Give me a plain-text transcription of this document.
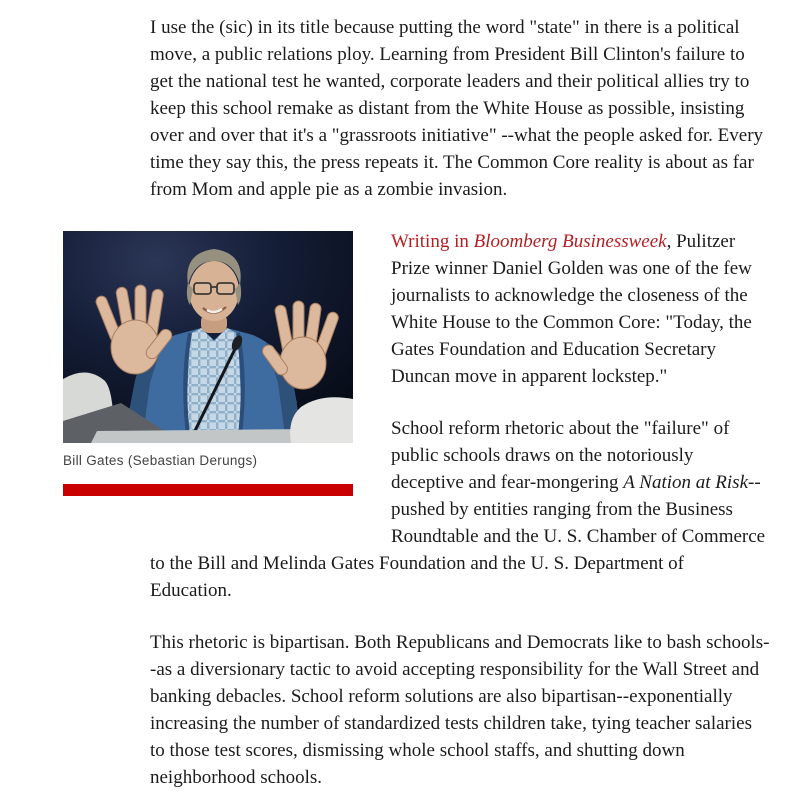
I use the (sic) in its title because putting the word "state" in there is a political move, a public relations ploy. Learning from President Bill Clinton's failure to get the national test he wanted, corporate leaders and their political allies try to keep this school remake as distant from the White House as possible, insisting over and over that it's a "grassroots initiative" --what the people asked for. Every time they say this, the press repeats it. The Common Core reality is about as far from Mom and apple pie as a zombie invasion.

Bill Gates (Sebastian Derungs)

Writing in Bloomberg Businessweek, Pulitzer Prize winner Daniel Golden was one of the few journalists to acknowledge the closeness of the White House to the Common Core: "Today, the Gates Foundation and Education Secretary Duncan move in apparent lockstep."

School reform rhetoric about the "failure" of public schools draws on the notoriously deceptive and fear-mongering A Nation at Risk--pushed by entities ranging from the Business Roundtable and the U. S. Chamber of Commerce to the Bill and Melinda Gates Foundation and the U. S. Department of Education.

This rhetoric is bipartisan. Both Republicans and Democrats like to bash schools--as a diversionary tactic to avoid accepting responsibility for the Wall Street and banking debacles. School reform solutions are also bipartisan--exponentially increasing the number of standardized tests children take, tying teacher salaries to those test scores, dismissing whole school staffs, and shutting down neighborhood schools.
